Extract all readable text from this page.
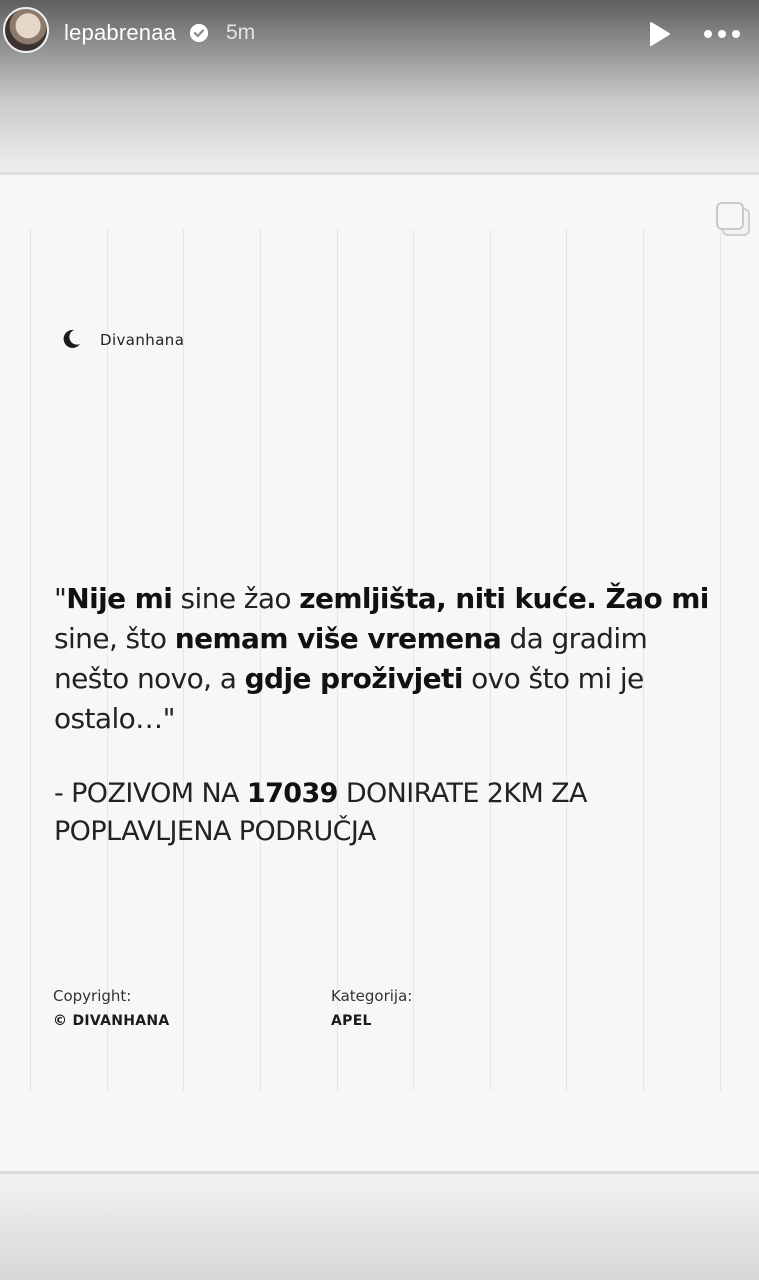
lepabrenaa 5m
Divanhana
"Nije mi sine žao zemljišta, niti kuće. Žao mi
sine, što nemam više vremena da gradim
nešto novo, a gdje proživjeti ovo što mi je
ostalo…"
- POZIVOM NA 17039 DONIRATE 2KM ZA
POPLAVLJENA PODRUČJA
Copyright:
© DIVANHANA
Kategorija:
APEL
@divanhana
